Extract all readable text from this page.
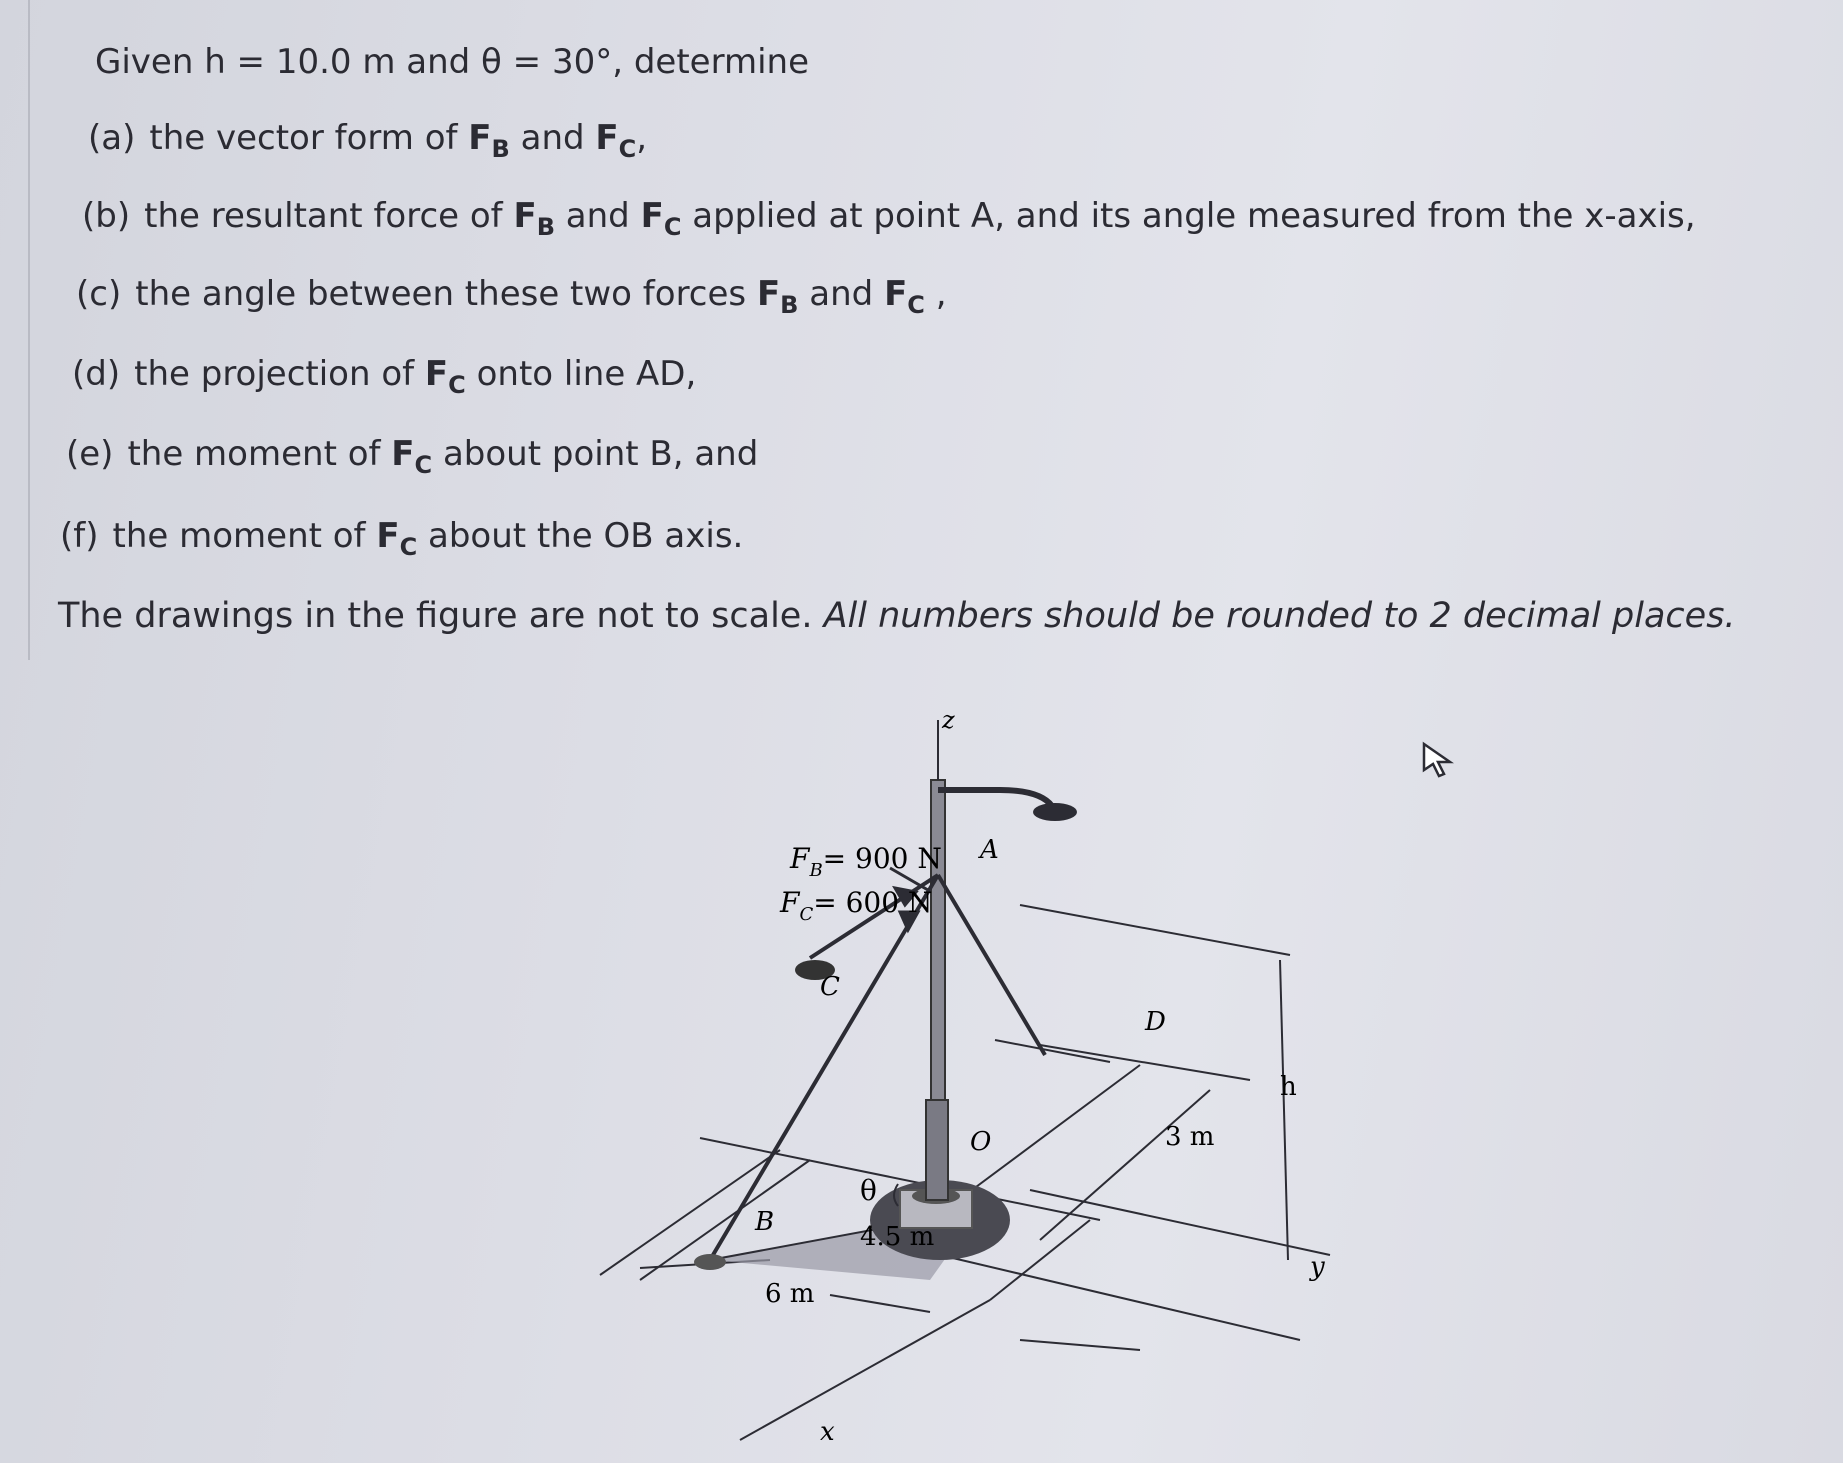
Given h = 10.0 m and θ = 30°, determine
(a) the vector form of $F_B$ and $F_C$,
(b) the resultant force of $F_B$ and $F_C$ applied at point A, and its angle measured from the x-axis,
(c) the angle between these two forces $F_B$ and $F_C$ ,
(d) the projection of $F_C$ onto line AD,
(e) the moment of $F_C$ about point B, and
(f) the moment of $F_C$ about the OB axis.
The drawings in the figure are not to scale. All numbers should be rounded to 2 decimal places.
z
$F_B= 900$ N
$F_C= 600$ N
A
C
D
O
B
h
3 m
θ
4.5 m
6 m
x
y
